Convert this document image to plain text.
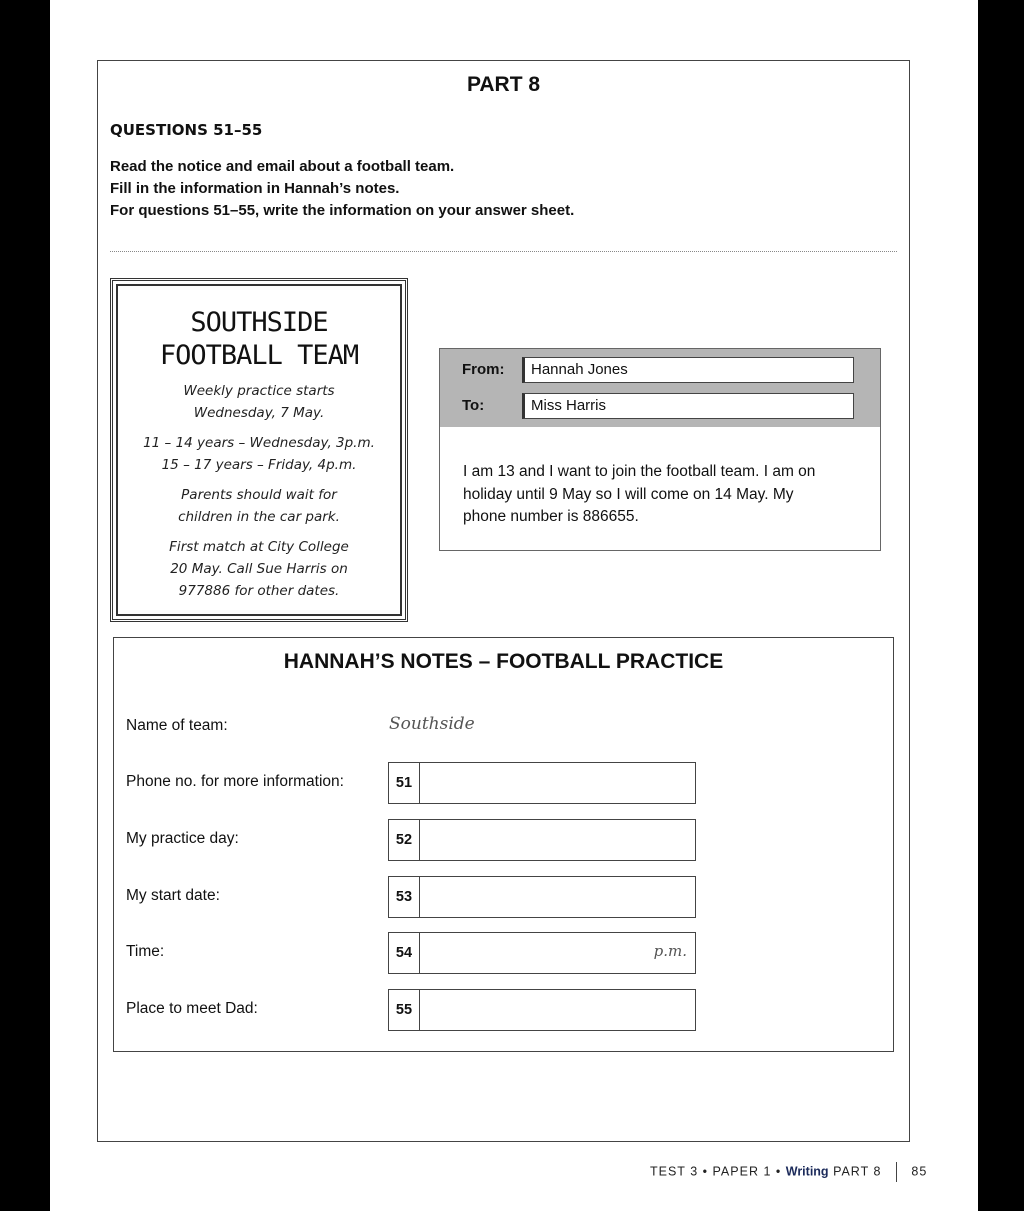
PART 8
QUESTIONS 51–55
Read the notice and email about a football team.
Fill in the information in Hannah’s notes.
For questions 51–55, write the information on your answer sheet.
SOUTHSIDE
FOOTBALL TEAM
Weekly practice starts
Wednesday, 7 May.
11 – 14 years – Wednesday, 3p.m.
15 – 17 years – Friday, 4p.m.
Parents should wait for
children in the car park.
First match at City College
20 May. Call Sue Harris on
977886 for other dates.
From:	Hannah Jones
To:	Miss Harris
I am 13 and I want to join the football team. I am on
holiday until 9 May so I will come on 14 May. My
phone number is 886655.
HANNAH’S NOTES – FOOTBALL PRACTICE
Name of team:	Southside
Phone no. for more information:	51
My practice day:	52
My start date:	53
Time:	54	p.m.
Place to meet Dad:	55
TEST 3 • PAPER 1 • Writing PART 8 85
